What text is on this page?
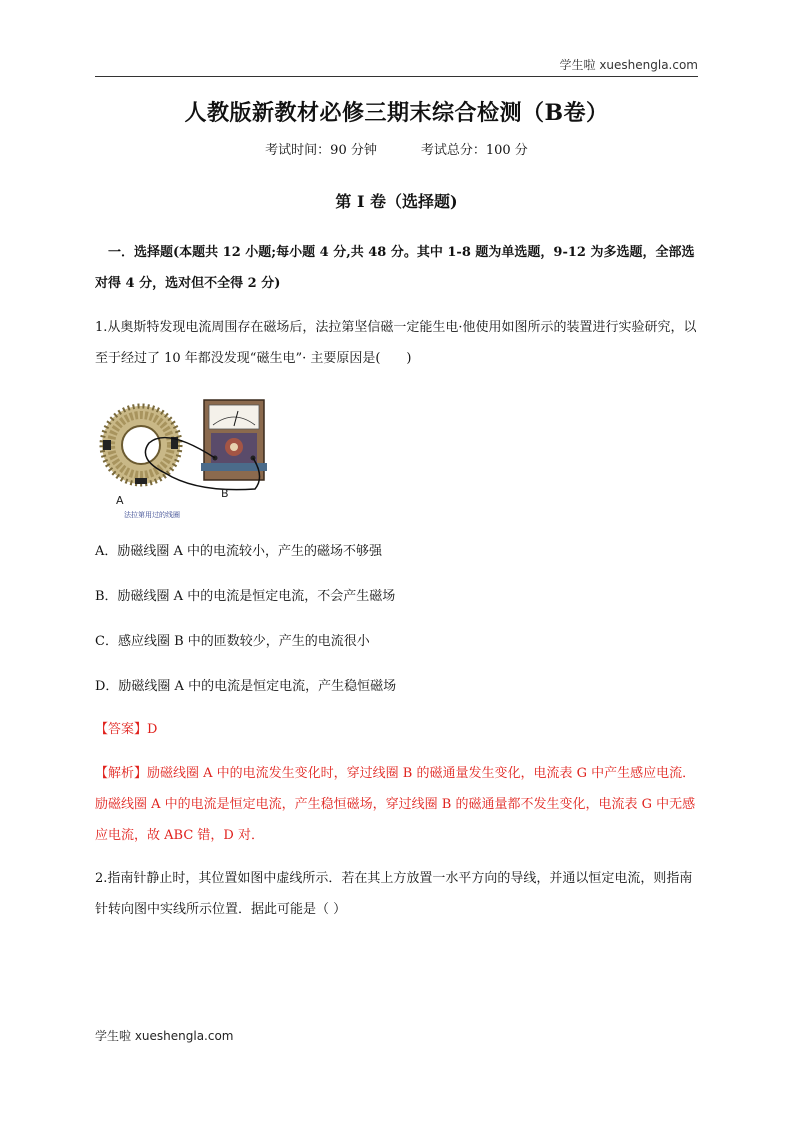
学生啦 xueshengla.com
人教版新教材必修三期末综合检测（B卷）
考试时间：90 分钟	考试总分：100 分
第 I 卷（选择题)
一．选择题(本题共 12 小题;每小题 4 分,共 48 分。其中 1-8 题为单选题，9-12 为多选题，全部选对得 4 分，选对但不全得 2 分)
1.从奥斯特发现电流周围存在磁场后，法拉第坚信磁一定能生电·他使用如图所示的装置进行实验研究，以至于经过了 10 年都没发现“磁生电”· 主要原因是(　　)
A
B
法拉第用过的线圈
A．励磁线圈 A 中的电流较小，产生的磁场不够强
B．励磁线圈 A 中的电流是恒定电流，不会产生磁场
C．感应线圈 B 中的匝数较少，产生的电流很小
D．励磁线圈 A 中的电流是恒定电流，产生稳恒磁场
【答案】D
【解析】励磁线圈 A 中的电流发生变化时，穿过线圈 B 的磁通量发生变化，电流表 G 中产生感应电流．励磁线圈 A 中的电流是恒定电流，产生稳恒磁场，穿过线圈 B 的磁通量都不发生变化，电流表 G 中无感应电流，故 ABC 错，D 对．
2.指南针静止时，其位置如图中虚线所示．若在其上方放置一水平方向的导线，并通以恒定电流，则指南针转向图中实线所示位置．据此可能是（ ）
学生啦 xueshengla.com
